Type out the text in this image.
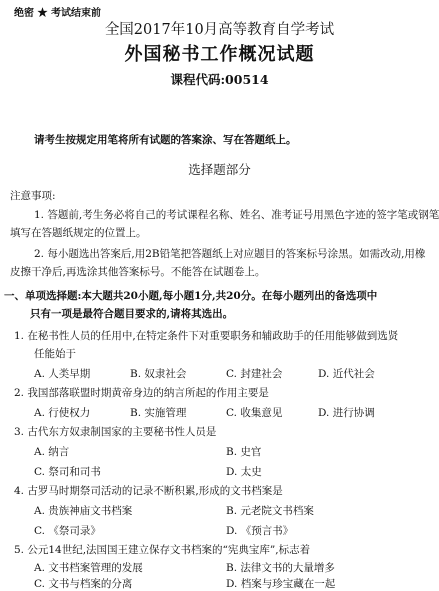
绝密 ★ 考试结束前
全国2017年10月高等教育自学考试
外国秘书工作概况试题
课程代码:00514
请考生按规定用笔将所有试题的答案涂、写在答题纸上。
选择题部分
注意事项:
1. 答题前,考生务必将自己的考试课程名称、姓名、准考证号用黑色字迹的签字笔或钢笔
填写在答题纸规定的位置上。
2. 每小题选出答案后,用2B铅笔把答题纸上对应题目的答案标号涂黑。如需改动,用橡
皮擦干净后,再选涂其他答案标号。不能答在试题卷上。
一、单项选择题:本大题共20小题,每小题1分,共20分。在每小题列出的备选项中
只有一项是最符合题目要求的,请将其选出。
1. 在秘书性人员的任用中,在特定条件下对重要职务和辅政助手的任用能够做到选贤
任能始于
A. 人类早期	B. 奴隶社会	C. 封建社会	D. 近代社会
2. 我国部落联盟时期黄帝身边的纳言所起的作用主要是
A. 行使权力	B. 实施管理	C. 收集意见	D. 进行协调
3. 古代东方奴隶制国家的主要秘书性人员是
A. 纳言	B. 史官
C. 祭司和司书	D. 太史
4. 古罗马时期祭司活动的记录不断积累,形成的文书档案是
A. 贵族神庙文书档案	B. 元老院文书档案
C. 《祭司录》	D. 《预言书》
5. 公元14世纪,法国国王建立保存文书档案的“宪典宝库”,标志着
A. 文书档案管理的发展	B. 法律文书的大量增多
C. 文书与档案的分离	D. 档案与珍宝藏在一起
